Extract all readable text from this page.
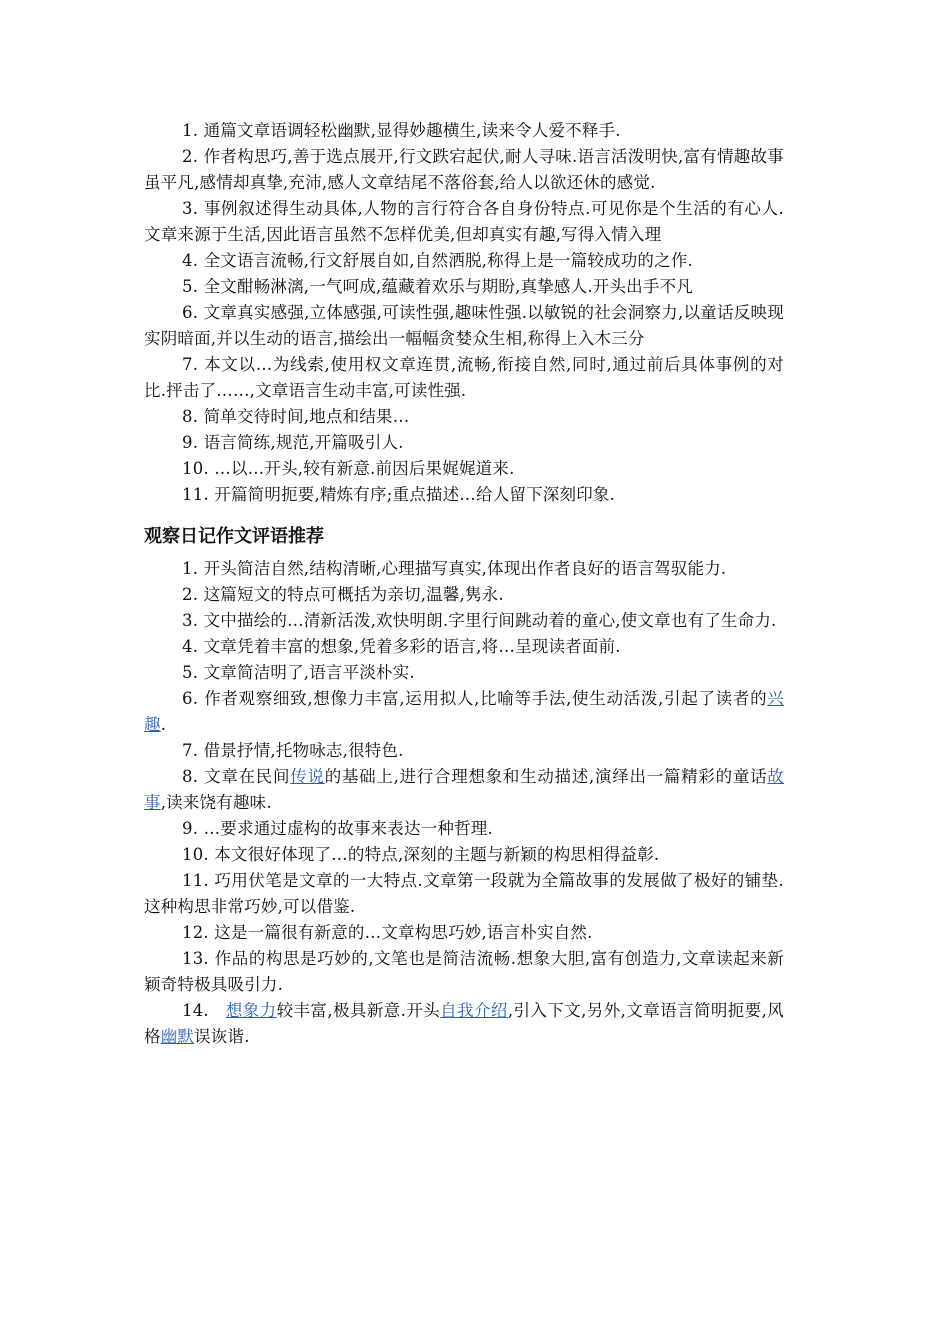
1. 通篇文章语调轻松幽默,显得妙趣横生,读来令人爱不释手.

2. 作者构思巧,善于选点展开,行文跌宕起伏,耐人寻味.语言活泼明快,富有情趣故事虽平凡,感情却真挚,充沛,感人文章结尾不落俗套,给人以欲还休的感觉.

3. 事例叙述得生动具体,人物的言行符合各自身份特点.可见你是个生活的有心人.文章来源于生活,因此语言虽然不怎样优美,但却真实有趣,写得入情入理

4. 全文语言流畅,行文舒展自如,自然洒脱,称得上是一篇较成功的之作.

5. 全文酣畅淋漓,一气呵成,蕴藏着欢乐与期盼,真挚感人.开头出手不凡

6. 文章真实感强,立体感强,可读性强,趣味性强.以敏锐的社会洞察力,以童话反映现实阴暗面,并以生动的语言,描绘出一幅幅贪婪众生相,称得上入木三分

7. 本文以…为线索,使用权文章连贯,流畅,衔接自然,同时,通过前后具体事例的对比.抨击了……,文章语言生动丰富,可读性强.

8. 简单交待时间,地点和结果…

9. 语言简练,规范,开篇吸引人.

10. …以…开头,较有新意.前因后果娓娓道来.

11. 开篇简明扼要,精炼有序;重点描述…给人留下深刻印象.

观察日记作文评语推荐

1. 开头简洁自然,结构清晰,心理描写真实,体现出作者良好的语言驾驭能力.

2. 这篇短文的特点可概括为亲切,温馨,隽永.

3. 文中描绘的…清新活泼,欢快明朗.字里行间跳动着的童心,使文章也有了生命力.

4. 文章凭着丰富的想象,凭着多彩的语言,将…呈现读者面前.

5. 文章简洁明了,语言平淡朴实.

6. 作者观察细致,想像力丰富,运用拟人,比喻等手法,使生动活泼,引起了读者的兴趣.

7. 借景抒情,托物咏志,很特色.

8. 文章在民间传说的基础上,进行合理想象和生动描述,演绎出一篇精彩的童话故事,读来饶有趣味.

9. …要求通过虚构的故事来表达一种哲理.

10. 本文很好体现了…的特点,深刻的主题与新颖的构思相得益彰.

11. 巧用伏笔是文章的一大特点.文章第一段就为全篇故事的发展做了极好的铺垫.这种构思非常巧妙,可以借鉴.

12. 这是一篇很有新意的…文章构思巧妙,语言朴实自然.

13. 作品的构思是巧妙的,文笔也是简洁流畅.想象大胆,富有创造力,文章读起来新颖奇特极具吸引力.

14.   想象力较丰富,极具新意.开头自我介绍,引入下文,另外,文章语言简明扼要,风格幽默误诙谐.
